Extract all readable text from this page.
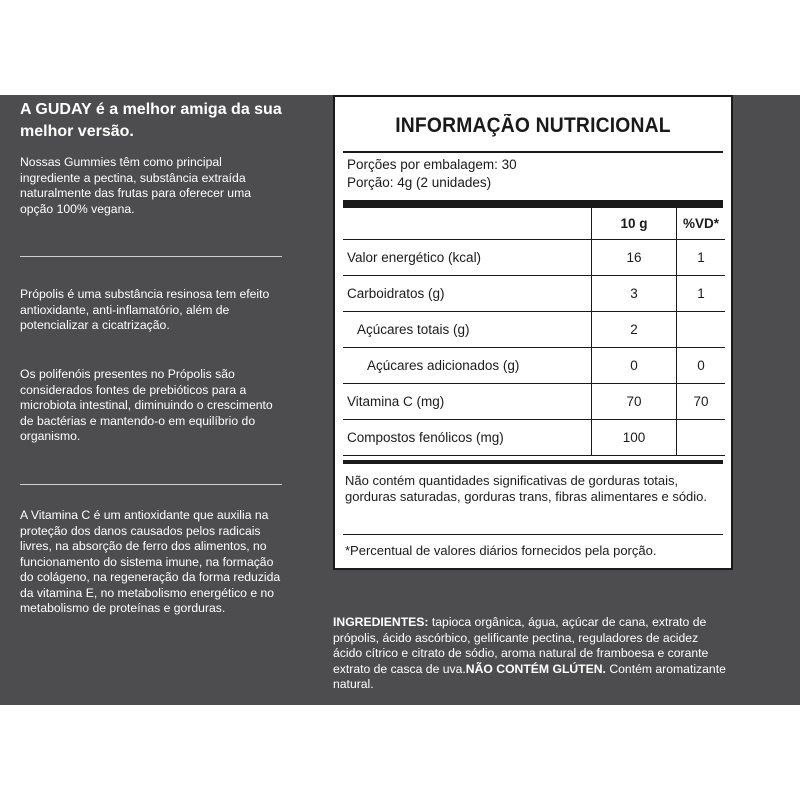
A GUDAY é a melhor amiga da sua melhor versão.

Nossas Gummies têm como principal ingrediente a pectina, substância extraída naturalmente das frutas para oferecer uma opção 100% vegana.

Própolis é uma substância resinosa tem efeito antioxidante, anti-inflamatório, além de potencializar a cicatrização.

Os polifenóis presentes no Própolis são considerados fontes de prebióticos para a microbiota intestinal, diminuindo o crescimento de bactérias e mantendo-o em equilíbrio do organismo.

A Vitamina C é um antioxidante que auxilia na proteção dos danos causados pelos radicais livres, na absorção de ferro dos alimentos, no funcionamento do sistema imune, na formação do colágeno, na regeneração da forma reduzida da vitamina E, no metabolismo energético e no metabolismo de proteínas e gorduras.

INFORMAÇÃO NUTRICIONAL
Porções por embalagem: 30
Porção: 4g (2 unidades)
	10 g	%VD*
Valor energético (kcal)	16	1
Carboidratos (g)	3	1
Açúcares totais (g)	2	
Açúcares adicionados (g)	0	0
Vitamina C (mg)	70	70
Compostos fenólicos (mg)	100	

Não contém quantidades significativas de gorduras totais, gorduras saturadas, gorduras trans, fibras alimentares e sódio.

*Percentual de valores diários fornecidos pela porção.

INGREDIENTES: tapioca orgânica, água, açúcar de cana, extrato de própolis, ácido ascórbico, gelificante pectina, reguladores de acidez ácido cítrico e citrato de sódio, aroma natural de framboesa e corante extrato de casca de uva.NÃO CONTÉM GLÚTEN. Contém aromatizante natural.
